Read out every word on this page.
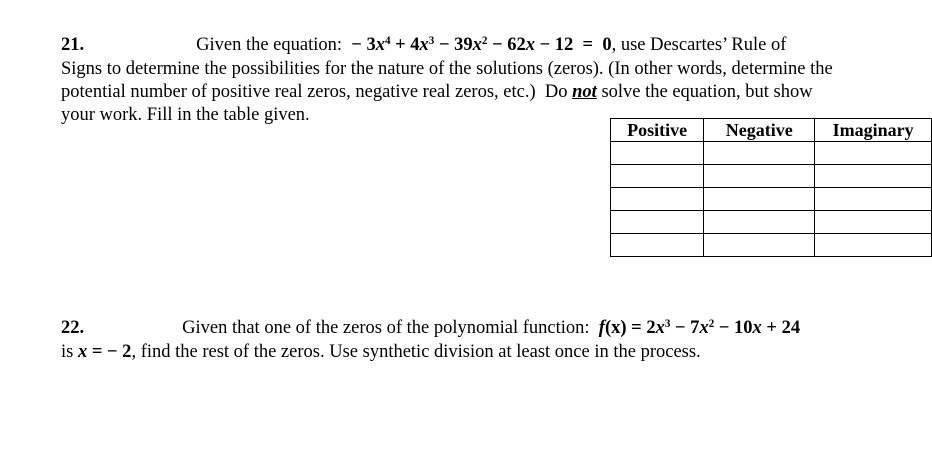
21.	Given the equation: − $3x^4 + 4x^3 - 39x^2 - 62x - 12 = 0$, use Descartes’ Rule of
Signs to determine the possibilities for the nature of the solutions (zeros). (In other words, determine the
potential number of positive real zeros, negative real zeros, etc.)  Do not solve the equation, but show
your work. Fill in the table given.
Positive	Negative	Imaginary

22.	Given that one of the zeros of the polynomial function: $f(x) = 2x^3 - 7x^2 - 10x + 24$
is x = − 2, find the rest of the zeros. Use synthetic division at least once in the process.
